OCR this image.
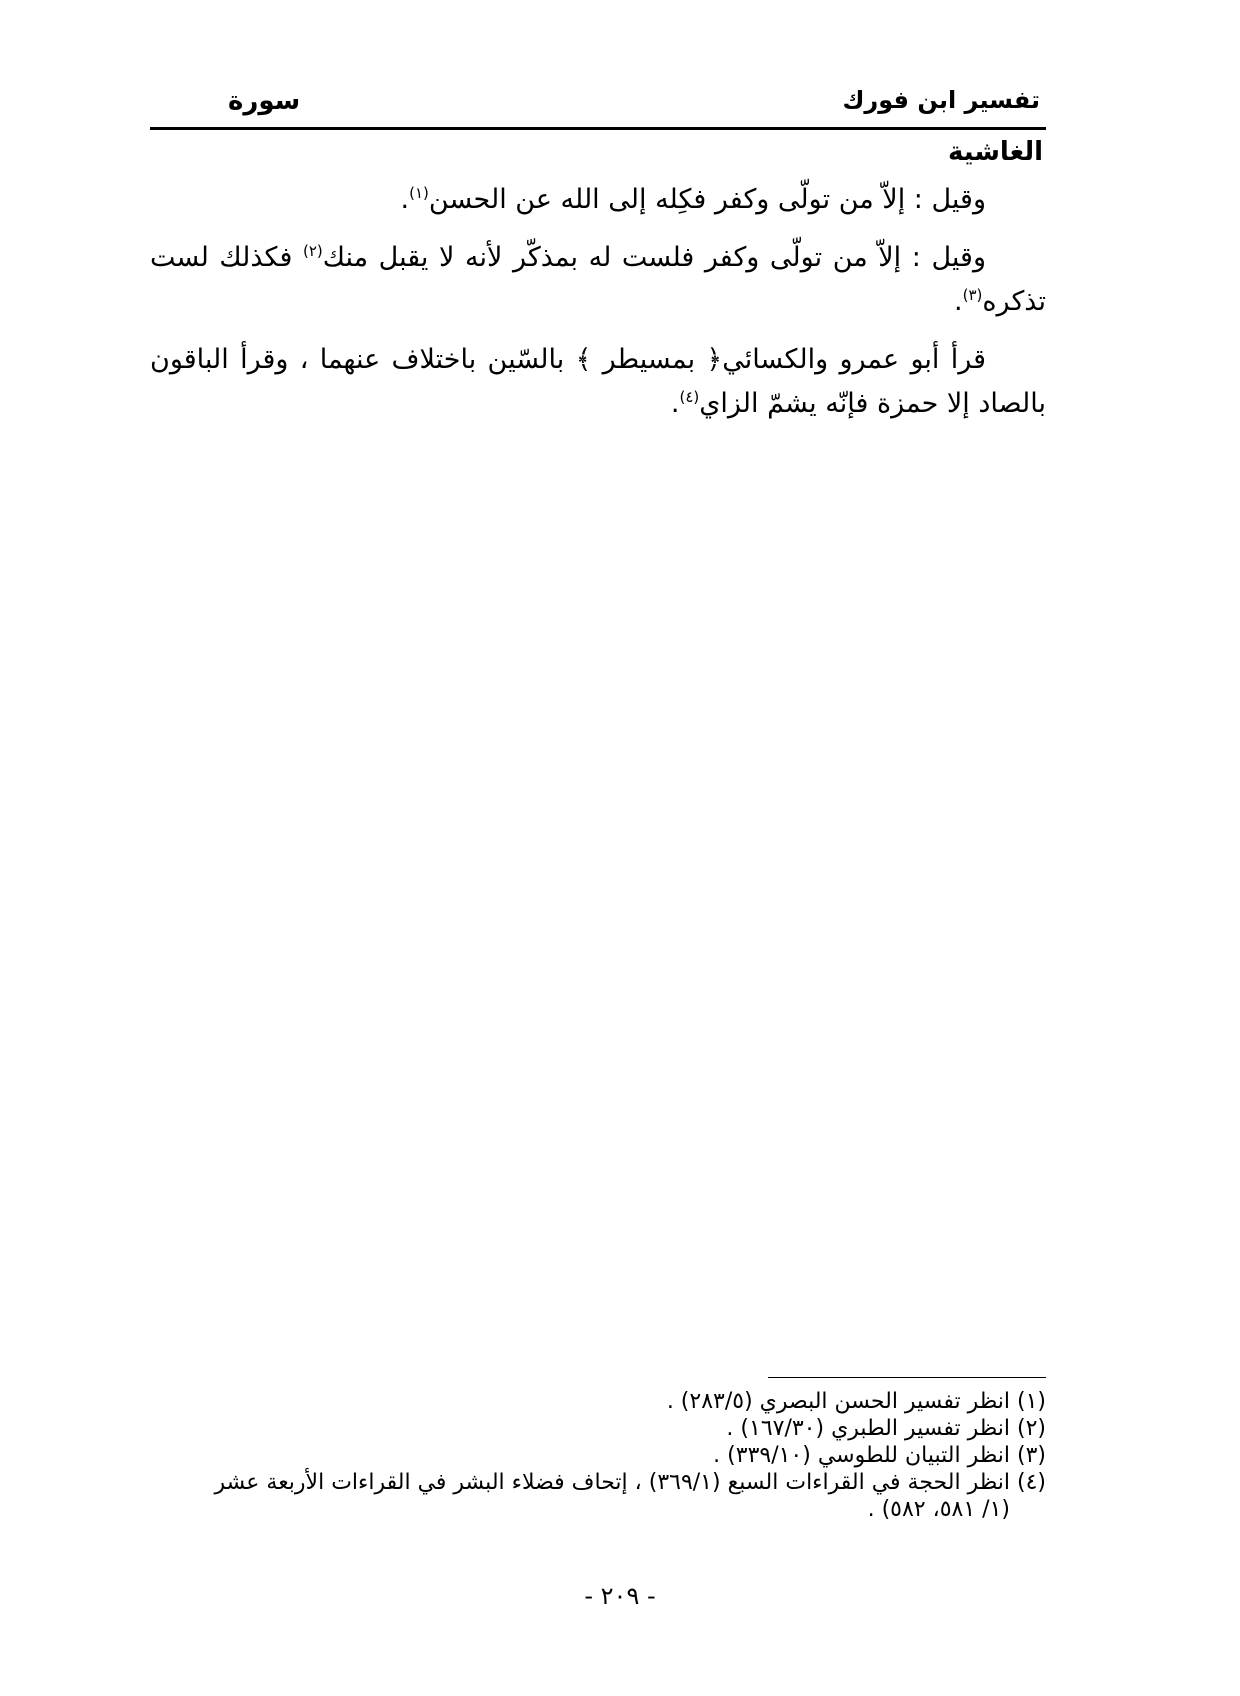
تفسير ابن فورك
سورة
الغاشية

وقيل : إلاّ من تولّى وكفر فكِله إلى الله عن الحسن$^{(١)}$.

وقيل : إلاّ من تولّى وكفر فلست له بمذكّر لأنه لا يقبل منك$^{(٢)}$ فكذلك لست تذكره$^{(٣)}$.

قرأ أبو عمرو والكسائي﴿ بمسيطر ﴾ بالسّين باختلاف عنهما ، وقرأ الباقون بالصاد إلا حمزة فإنّه يشمّ الزاي$^{(٤)}$.

(١) انظر تفسير الحسن البصري (٢٨٣/٥) .

(٢) انظر تفسير الطبري (١٦٧/٣٠) .

(٣) انظر التبيان للطوسي (٣٣٩/١٠) .

(٤) انظر الحجة في القراءات السبع (٣٦٩/١) ، إتحاف فضلاء البشر في القراءات الأربعة عشر

(١/ ٥٨١، ٥٨٢) .

- ٢٠٩ -
